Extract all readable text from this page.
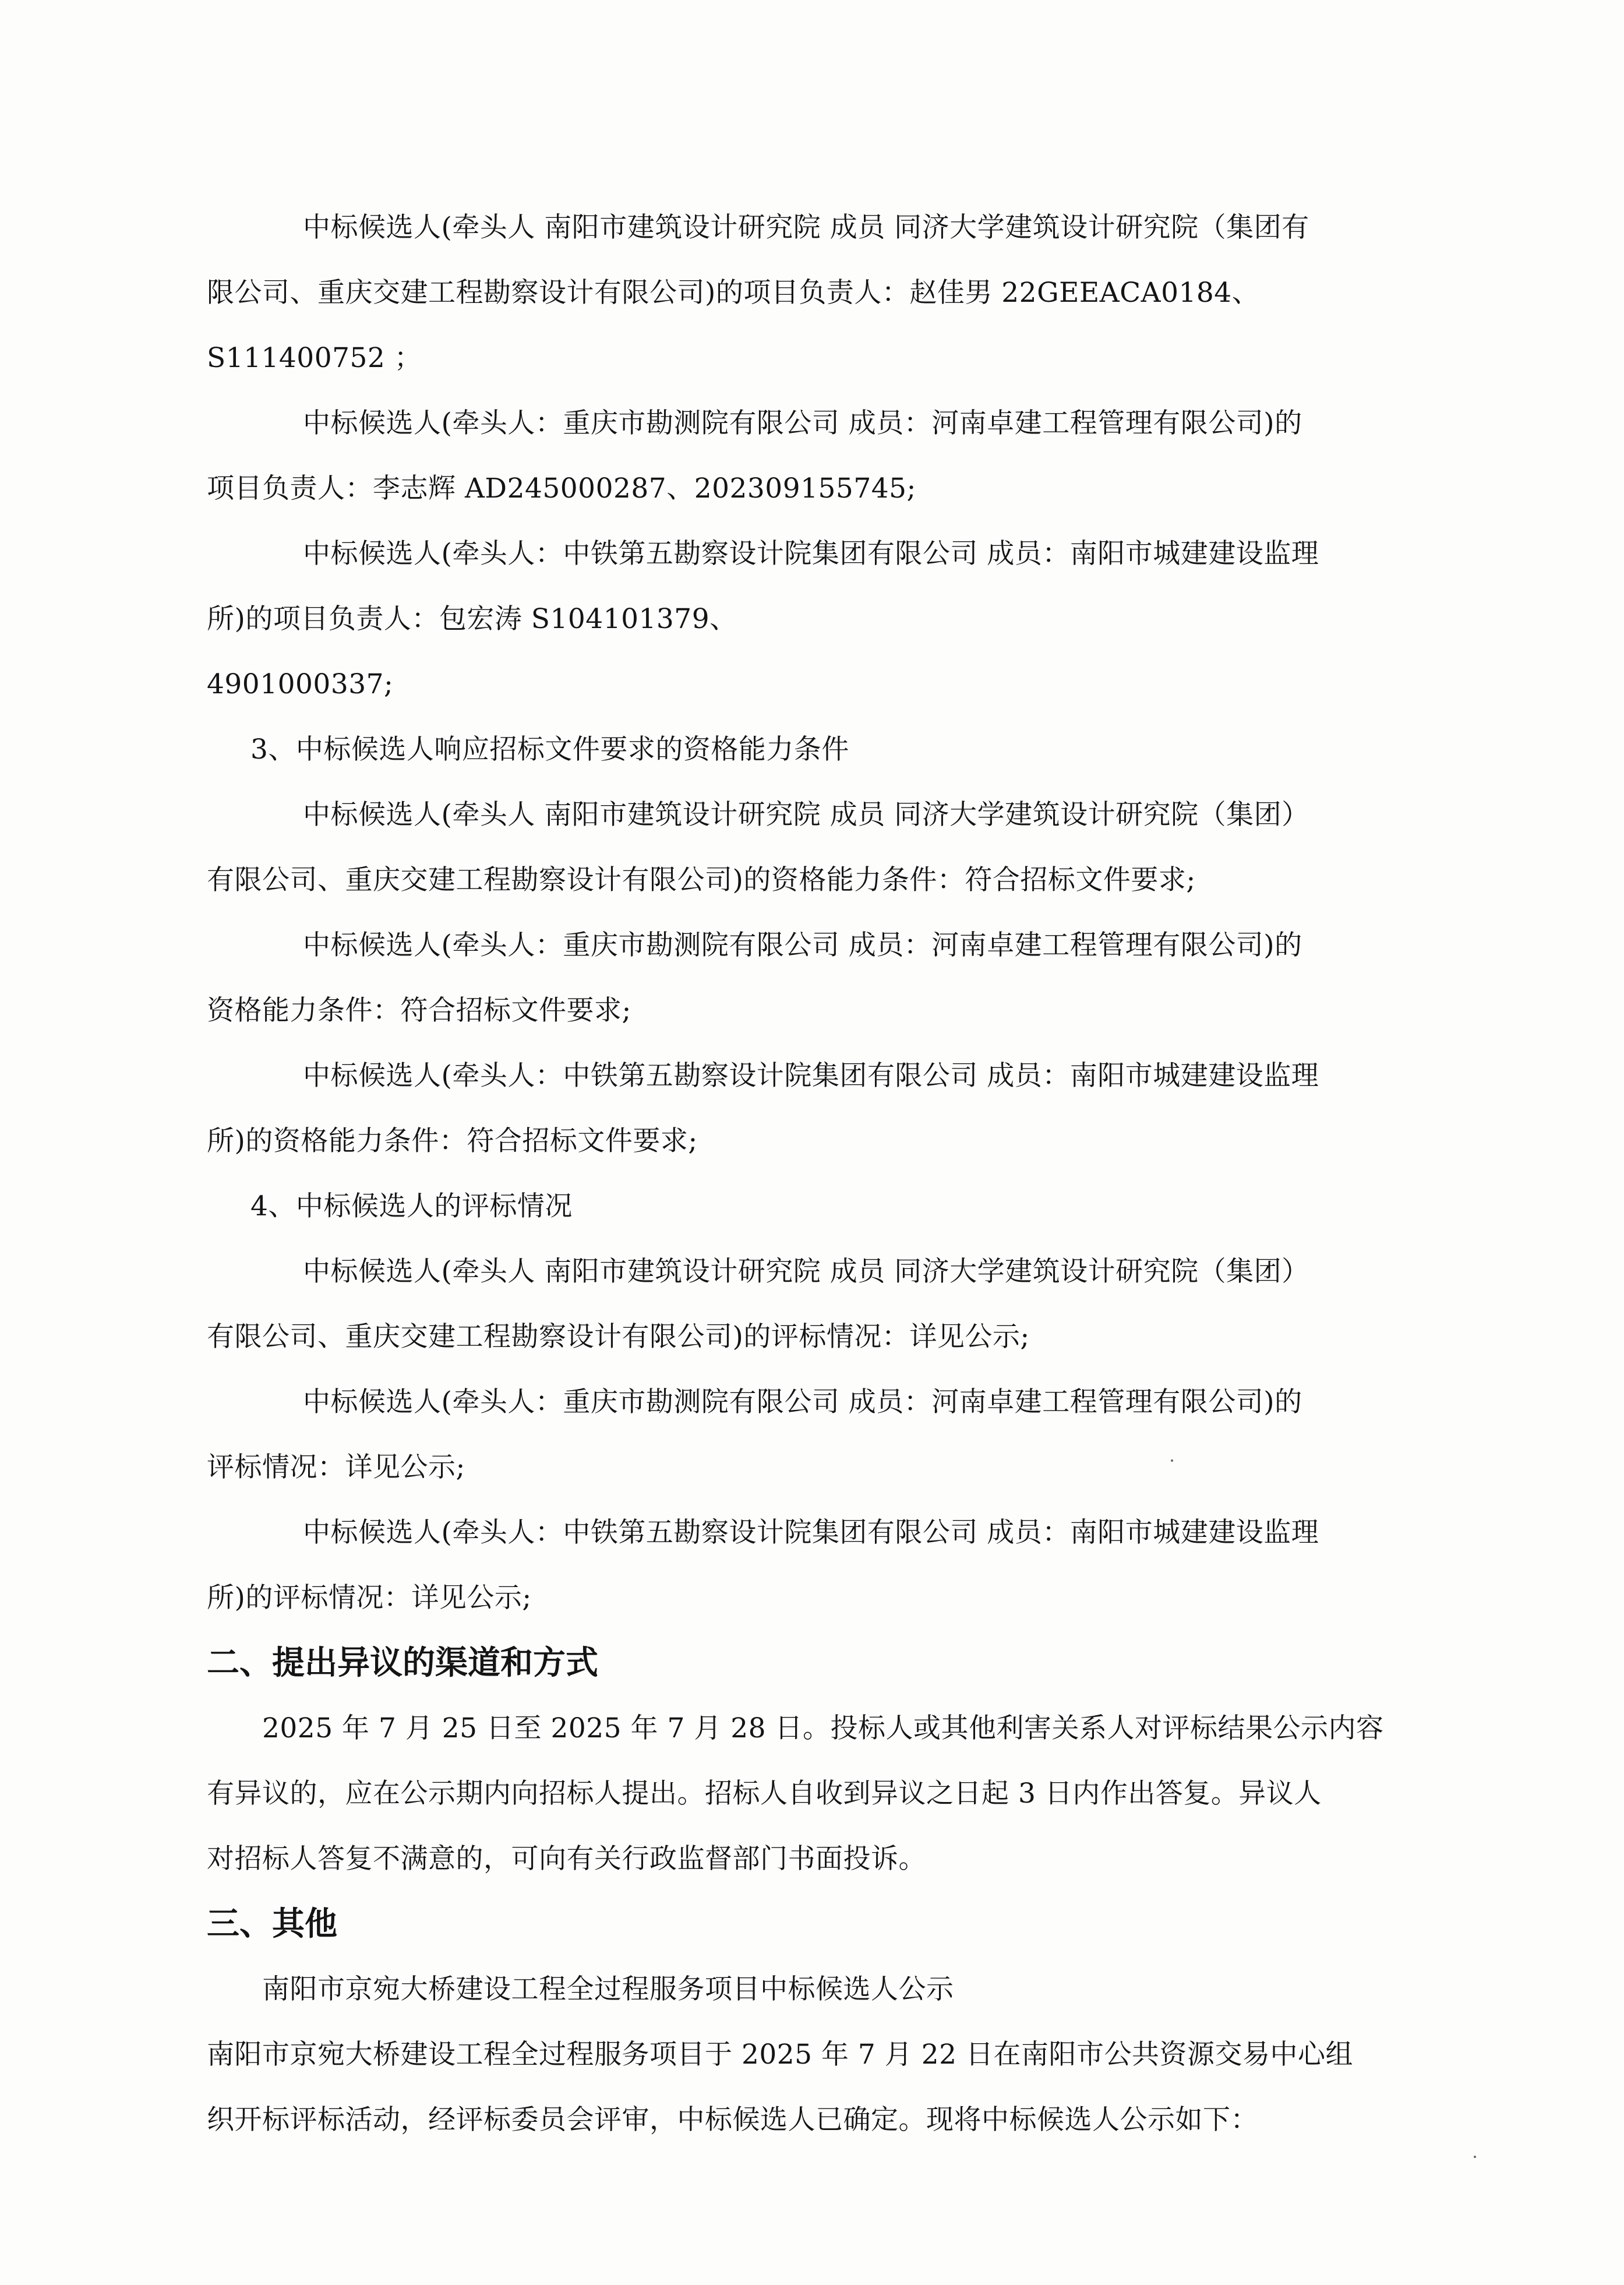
中标候选人(牵头人 南阳市建筑设计研究院 成员 同济大学建筑设计研究院（集团有

限公司、重庆交建工程勘察设计有限公司)的项目负责人：赵佳男 22GEEACA0184、
S111400752 ；

中标候选人(牵头人：重庆市勘测院有限公司 成员：河南卓建工程管理有限公司)的

项目负责人：李志辉 AD245000287、202309155745;

中标候选人(牵头人：中铁第五勘察设计院集团有限公司 成员：南阳市城建建设监理

所)的项目负责人：包宏涛 S104101379、
4901000337;

3、中标候选人响应招标文件要求的资格能力条件

中标候选人(牵头人 南阳市建筑设计研究院 成员 同济大学建筑设计研究院（集团）

有限公司、重庆交建工程勘察设计有限公司)的资格能力条件：符合招标文件要求;

中标候选人(牵头人：重庆市勘测院有限公司 成员：河南卓建工程管理有限公司)的

资格能力条件：符合招标文件要求;

中标候选人(牵头人：中铁第五勘察设计院集团有限公司 成员：南阳市城建建设监理

所)的资格能力条件：符合招标文件要求;

4、中标候选人的评标情况

中标候选人(牵头人 南阳市建筑设计研究院 成员 同济大学建筑设计研究院（集团）

有限公司、重庆交建工程勘察设计有限公司)的评标情况：详见公示;

中标候选人(牵头人：重庆市勘测院有限公司 成员：河南卓建工程管理有限公司)的

评标情况：详见公示;

中标候选人(牵头人：中铁第五勘察设计院集团有限公司 成员：南阳市城建建设监理

所)的评标情况：详见公示;

二、提出异议的渠道和方式

2025 年 7 月 25 日至 2025 年 7 月 28 日。投标人或其他利害关系人对评标结果公示内容

有异议的，应在公示期内向招标人提出。招标人自收到异议之日起 3 日内作出答复。异议人
对招标人答复不满意的，可向有关行政监督部门书面投诉。

三、其他

南阳市京宛大桥建设工程全过程服务项目中标候选人公示

南阳市京宛大桥建设工程全过程服务项目于 2025 年 7 月 22 日在南阳市公共资源交易中心组
织开标评标活动，经评标委员会评审，中标候选人已确定。现将中标候选人公示如下：
